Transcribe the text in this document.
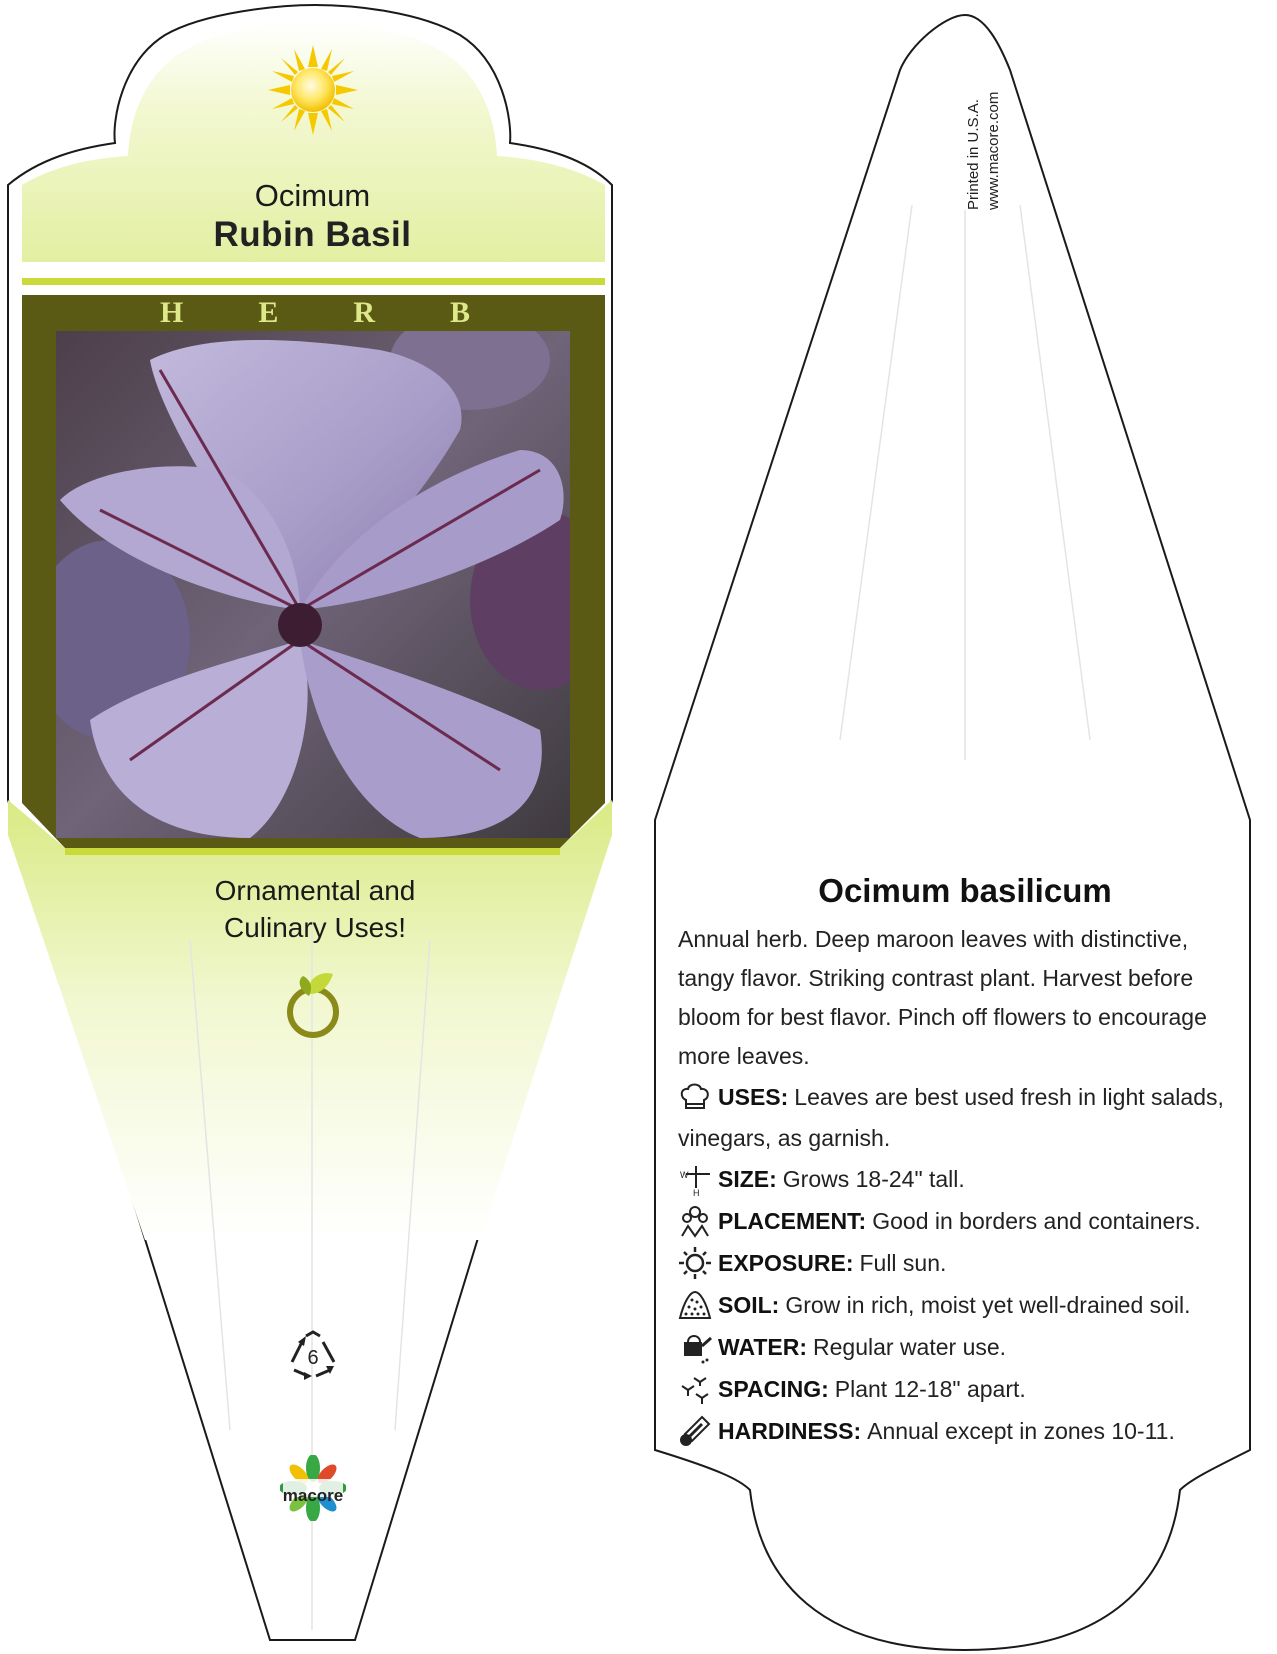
Ocimum
Rubin Basil
H E R B
Ornamental and
Culinary Uses!
6
macore
Printed in U.S.A. www.macore.com
Ocimum basilicum
Annual herb. Deep maroon leaves with distinctive,
tangy flavor. Striking contrast plant. Harvest before
bloom for best flavor. Pinch off flowers to encourage
more leaves.
USES: Leaves are best used fresh in light salads,
vinegars, as garnish.
W
H
SIZE: Grows 18-24" tall.
PLACEMENT: Good in borders and containers.
EXPOSURE: Full sun.
SOIL: Grow in rich, moist yet well-drained soil.
WATER: Regular water use.
SPACING: Plant 12-18" apart.
HARDINESS: Annual except in zones 10-11.
